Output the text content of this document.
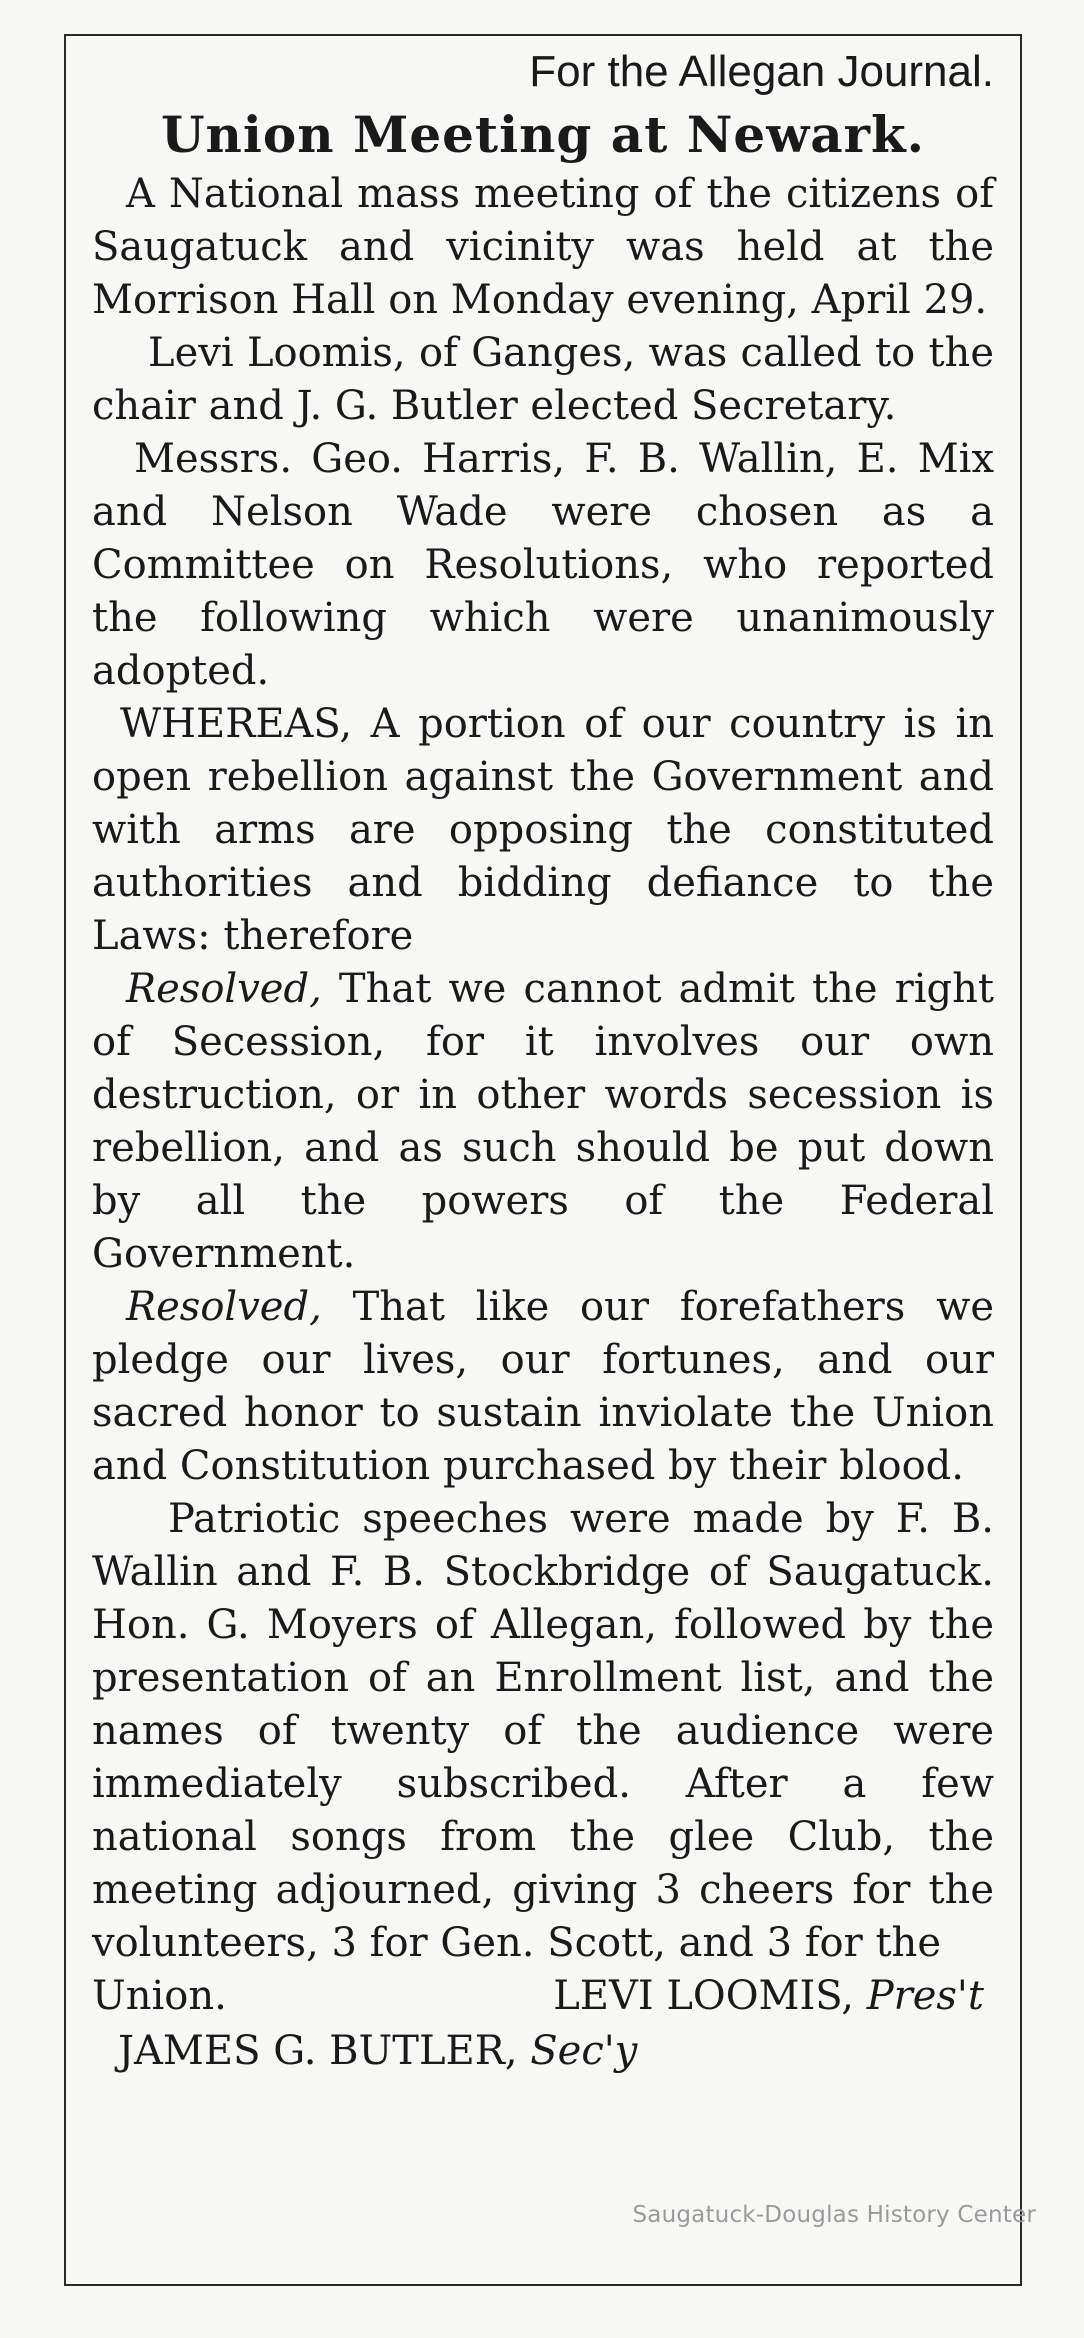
For the Allegan Journal.
Union Meeting at Newark.

A National mass meeting of the citizens of Saugatuck and vicinity was held at the Morrison Hall on Monday evening, April 29.

Levi Loomis, of Ganges, was called to the chair and J. G. Butler elected Secretary.

Messrs. Geo. Harris, F. B. Wallin, E. Mix and Nelson Wade were chosen as a Committee on Resolutions, who reported the following which were unanimously adopted.

WHEREAS, A portion of our country is in open rebellion against the Government and with arms are opposing the constituted authorities and bidding defiance to the Laws: therefore

Resolved, That we cannot admit the right of Secession, for it involves our own destruction, or in other words secession is rebellion, and as such should be put down by all the powers of the Federal Government.

Resolved, That like our forefathers we pledge our lives, our fortunes, and our sacred honor to sustain inviolate the Union and Constitution purchased by their blood.

Patriotic speeches were made by F. B. Wallin and F. B. Stockbridge of Saugatuck. Hon. G. Moyers of Allegan, followed by the presentation of an Enrollment list, and the names of twenty of the audience were immediately subscribed. After a few national songs from the glee Club, the meeting adjourned, giving 3 cheers for the volunteers, 3 for Gen. Scott, and 3 for the

Union.	LEVI LOOMIS, Pres't
JAMES G. BUTLER, Sec'y
Saugatuck-Douglas History Center
